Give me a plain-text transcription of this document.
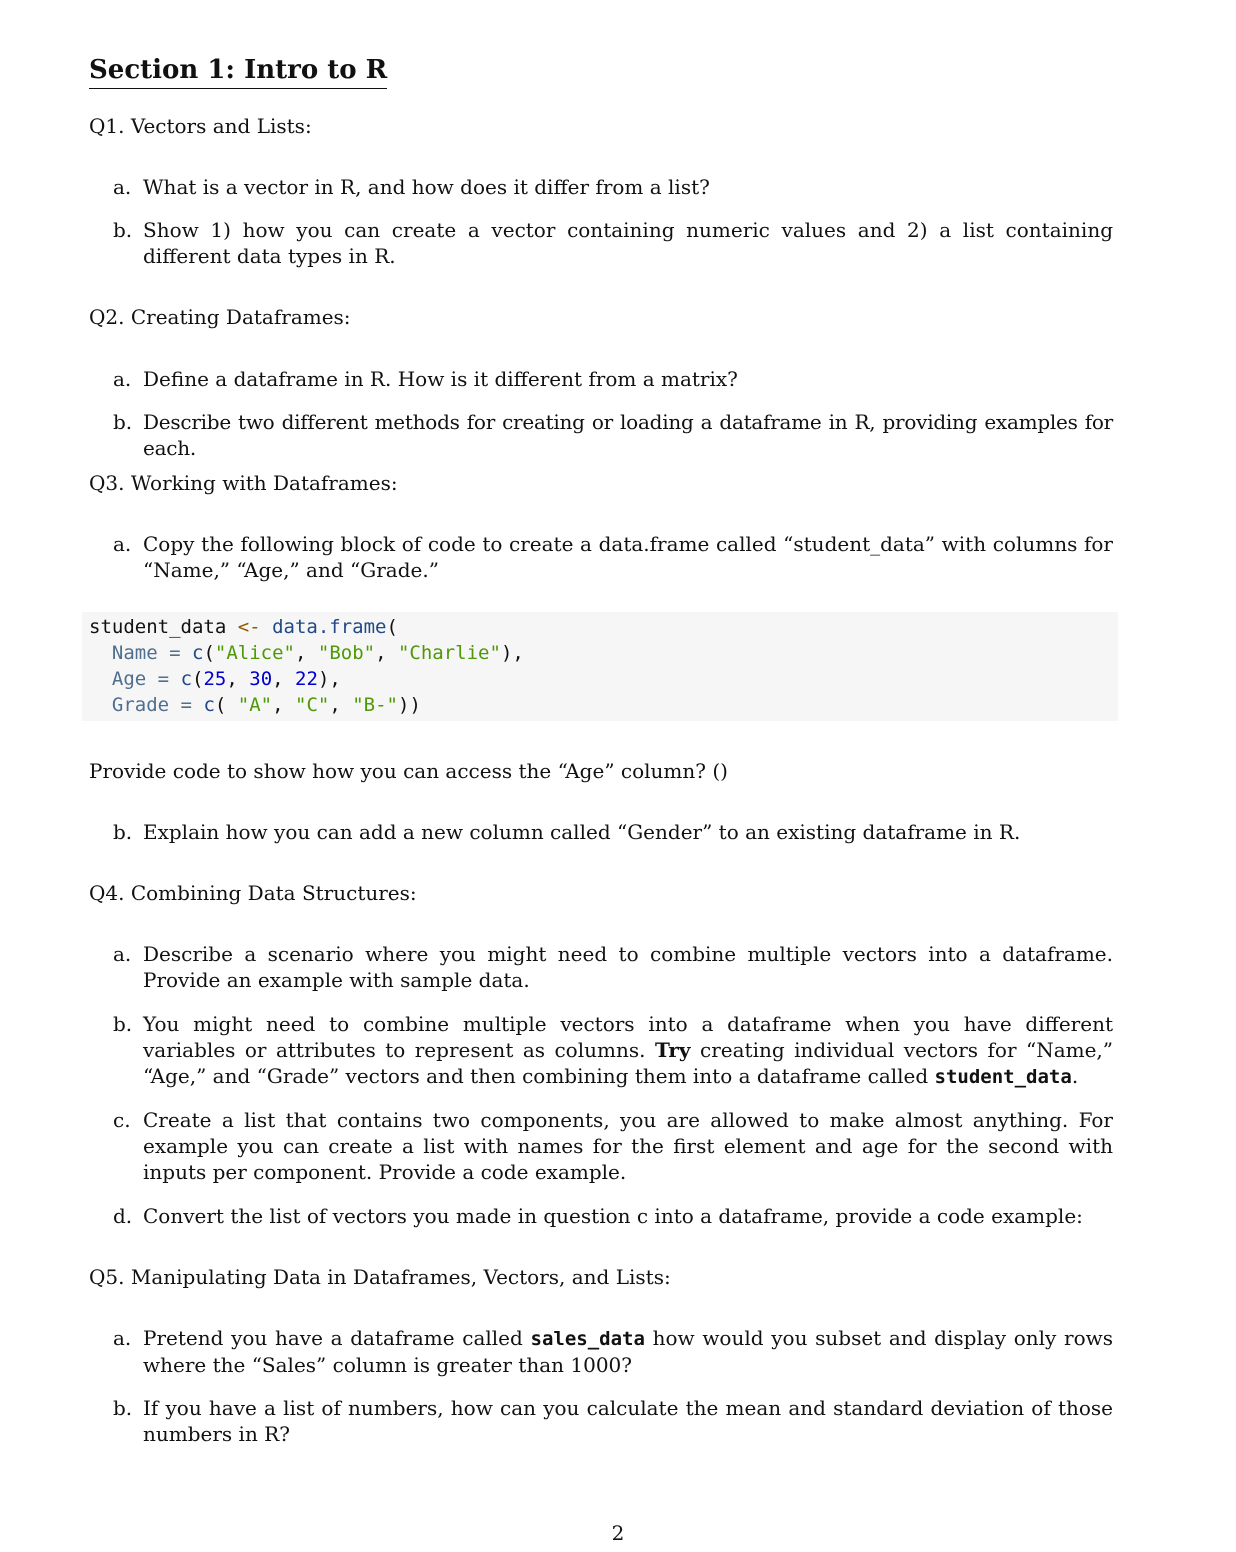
Section 1: Intro to R
Q1. Vectors and Lists:
a. What is a vector in R, and how does it differ from a list?
b. Show 1) how you can create a vector containing numeric values and 2) a list containing different data types in R.
Q2. Creating Dataframes:
a. Define a dataframe in R. How is it different from a matrix?
b. Describe two different methods for creating or loading a dataframe in R, providing examples for each.
Q3. Working with Dataframes:
a. Copy the following block of code to create a data.frame called “student_data” with columns for “Name,” “Age,” and “Grade.”
student_data <- data.frame(
Name = c("Alice", "Bob", "Charlie"),
Age = c(25, 30, 22),
Grade = c( "A", "C", "B-"))
Provide code to show how you can access the “Age” column? ()
b. Explain how you can add a new column called “Gender” to an existing dataframe in R.
Q4. Combining Data Structures:
a. Describe a scenario where you might need to combine multiple vectors into a dataframe. Provide an example with sample data.
b. You might need to combine multiple vectors into a dataframe when you have different variables or attributes to represent as columns. Try creating individual vectors for “Name,” “Age,” and “Grade” vectors and then combining them into a dataframe called student_data.
c. Create a list that contains two components, you are allowed to make almost anything. For example you can create a list with names for the first element and age for the second with inputs per component. Provide a code example.
d. Convert the list of vectors you made in question c into a dataframe, provide a code example:
Q5. Manipulating Data in Dataframes, Vectors, and Lists:
a. Pretend you have a dataframe called sales_data how would you subset and display only rows where the “Sales” column is greater than 1000?
b. If you have a list of numbers, how can you calculate the mean and standard deviation of those numbers in R?
2
